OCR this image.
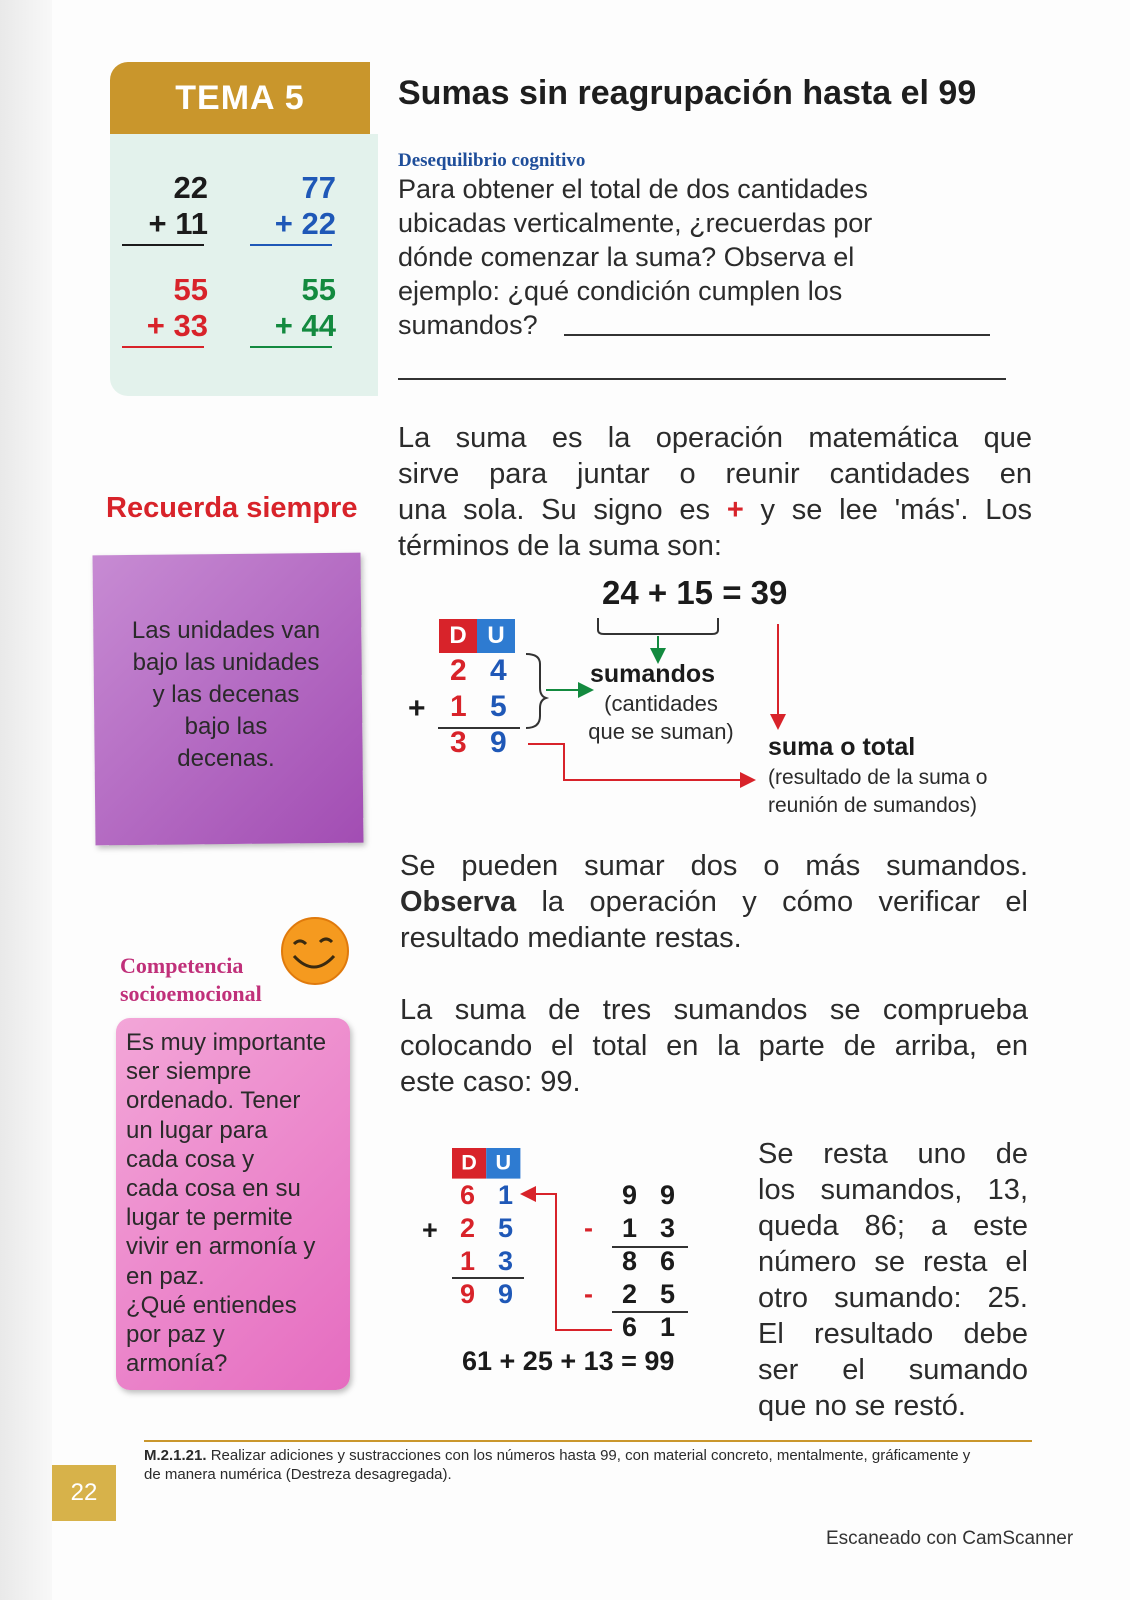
TEMA 5	Sumas sin reagrupación hasta el 99
22
+ 11
77
+ 22
55
+ 33
55
+ 44
Desequilibrio cognitivo
Para obtener el total de dos cantidades
ubicadas verticalmente, ¿recuerdas por
dónde comenzar la suma? Observa el
ejemplo: ¿qué condición cumplen los
sumandos?
La suma es la operación matemática que
sirve para juntar o reunir cantidades en
una sola. Su signo es + y se lee 'más'. Los
términos de la suma son:
Recuerda siempre
Las unidades van
bajo las unidades
y las decenas
bajo las
decenas.
24 + 15 = 39
D U
2 4
+ 1 5
3 9
sumandos
(cantidades que se suman)
suma o total
(resultado de la suma o
reunión de sumandos)
Se pueden sumar dos o más sumandos.
Observa la operación y cómo verificar el
resultado mediante restas.
La suma de tres sumandos se comprueba
colocando el total en la parte de arriba, en
este caso: 99.
Competencia
socioemocional
Es muy importante
ser siempre
ordenado. Tener
un lugar para
cada cosa y
cada cosa en su
lugar te permite
vivir en armonía y
en paz.
¿Qué entiendes
por paz y
armonía?
D U
6 1
+ 2 5
1 3
9 9
9 9
- 1 3
8 6
- 2 5
6 1
61 + 25 + 13 = 99
Se resta uno de
los sumandos, 13,
queda 86; a este
número se resta el
otro sumando: 25.
El resultado debe
ser el sumando
que no se restó.
M.2.1.21. Realizar adiciones y sustracciones con los números hasta 99, con material concreto, mentalmente, gráficamente y
de manera numérica (Destreza desagregada).
22
Escaneado con CamScanner
